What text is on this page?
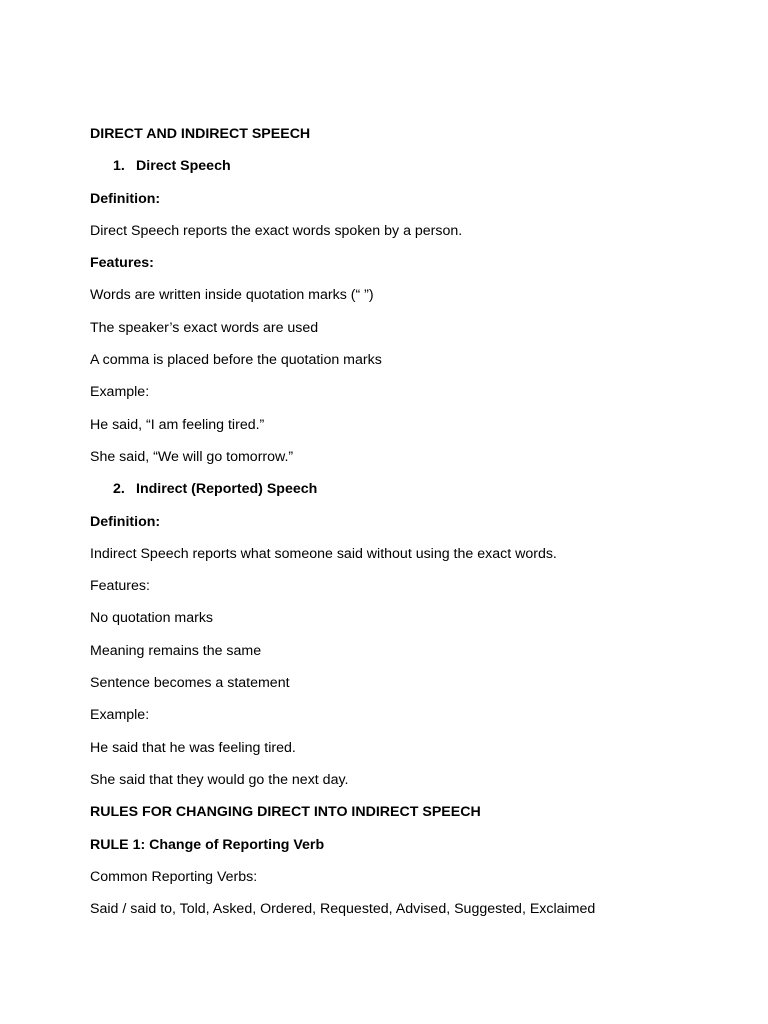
DIRECT AND INDIRECT SPEECH
1. Direct Speech
Definition:
Direct Speech reports the exact words spoken by a person.
Features:
Words are written inside quotation marks (“ ”)
The speaker’s exact words are used
A comma is placed before the quotation marks
Example:
He said, “I am feeling tired.”
She said, “We will go tomorrow.”
2. Indirect (Reported) Speech
Definition:
Indirect Speech reports what someone said without using the exact words.
Features:
No quotation marks
Meaning remains the same
Sentence becomes a statement
Example:
He said that he was feeling tired.
She said that they would go the next day.
RULES FOR CHANGING DIRECT INTO INDIRECT SPEECH
RULE 1: Change of Reporting Verb
Common Reporting Verbs:
Said / said to, Told, Asked, Ordered, Requested, Advised, Suggested, Exclaimed
